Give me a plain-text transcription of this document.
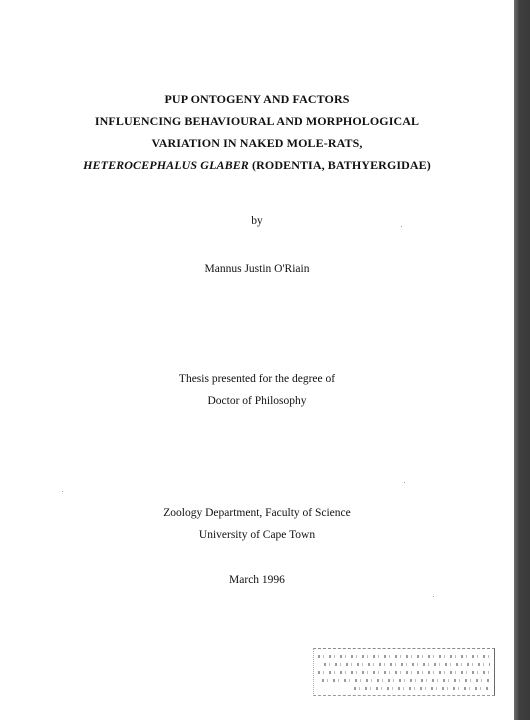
PUP ONTOGENY AND FACTORS
INFLUENCING BEHAVIOURAL AND MORPHOLOGICAL
VARIATION IN NAKED MOLE-RATS,
HETEROCEPHALUS GLABER (RODENTIA, BATHYERGIDAE)
by
Mannus Justin O'Riain
Thesis presented for the degree of
Doctor of Philosophy
Zoology Department, Faculty of Science
University of Cape Town
March 1996
